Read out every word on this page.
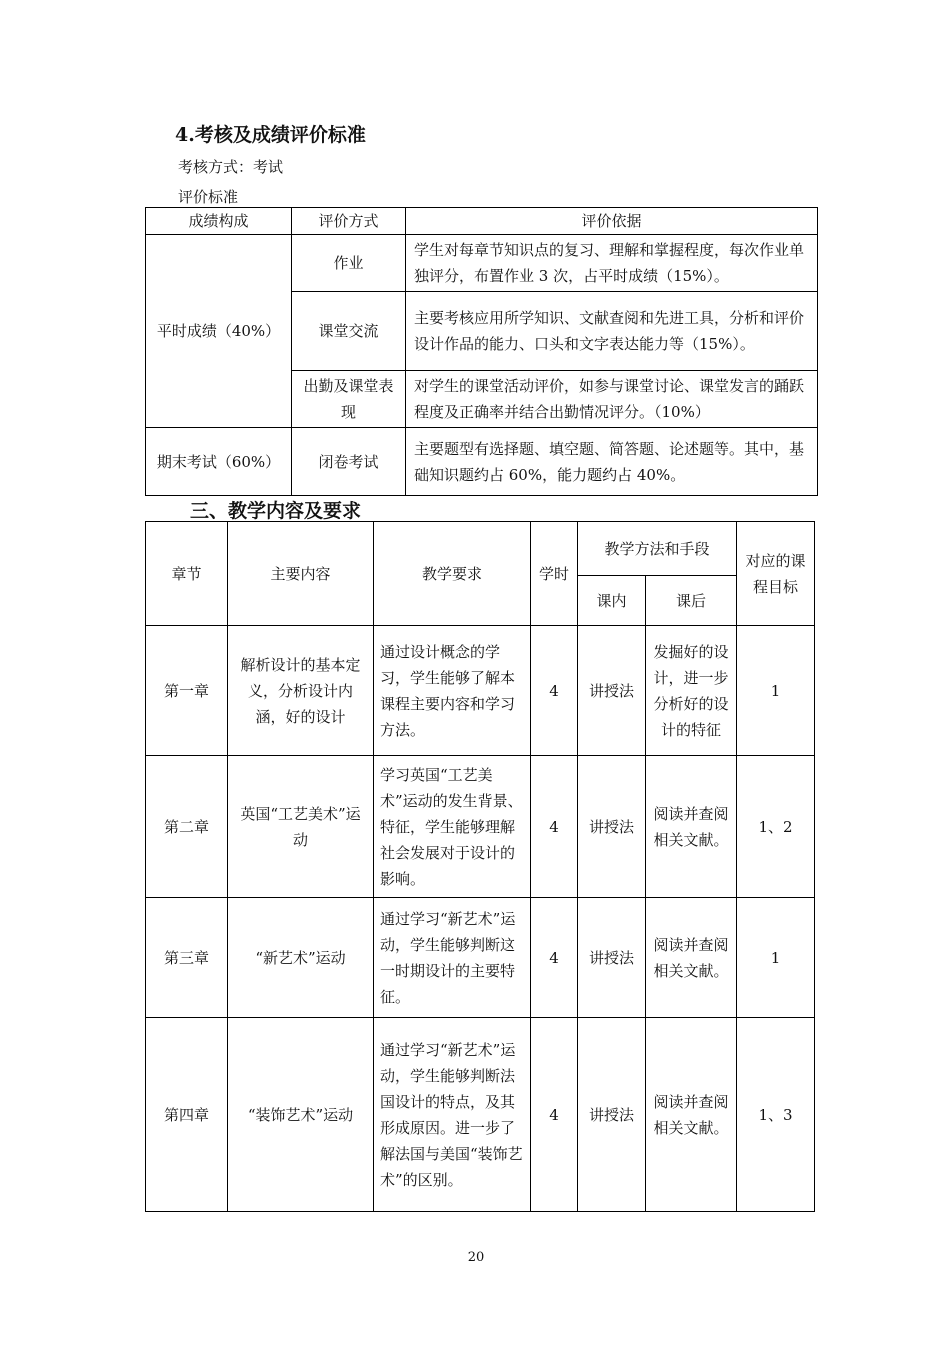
4.考核及成绩评价标准
考核方式：考试
评价标准
成绩构成	评价方式	评价依据
平时成绩（40%）	作业	学生对每章节知识点的复习、理解和掌握程度，每次作业单独评分，布置作业 3 次，占平时成绩（15%）。
	课堂交流	主要考核应用所学知识、文献查阅和先进工具，分析和评价设计作品的能力、口头和文字表达能力等（15%）。
	出勤及课堂表现	对学生的课堂活动评价，如参与课堂讨论、课堂发言的踊跃程度及正确率并结合出勤情况评分。（10%）
期末考试（60%）	闭卷考试	主要题型有选择题、填空题、简答题、论述题等。其中，基础知识题约占 60%，能力题约占 40%。
三、教学内容及要求
章节	主要内容	教学要求	学时	教学方法和手段		对应的课程目标
				课内	课后	
第一章	解析设计的基本定义，分析设计内涵，好的设计	通过设计概念的学习，学生能够了解本课程主要内容和学习方法。	4	讲授法	发掘好的设计，进一步分析好的设计的特征	1
第二章	英国“工艺美术”运动	学习英国“工艺美术”运动的发生背景、特征，学生能够理解社会发展对于设计的影响。	4	讲授法	阅读并查阅相关文献。	1、2
第三章	“新艺术”运动	通过学习“新艺术”运动，学生能够判断这一时期设计的主要特征。	4	讲授法	阅读并查阅相关文献。	1
第四章	“装饰艺术”运动	通过学习“新艺术”运动，学生能够判断法国设计的特点，及其形成原因。进一步了解法国与美国“装饰艺术”的区别。	4	讲授法	阅读并查阅相关文献。	1、3
20
